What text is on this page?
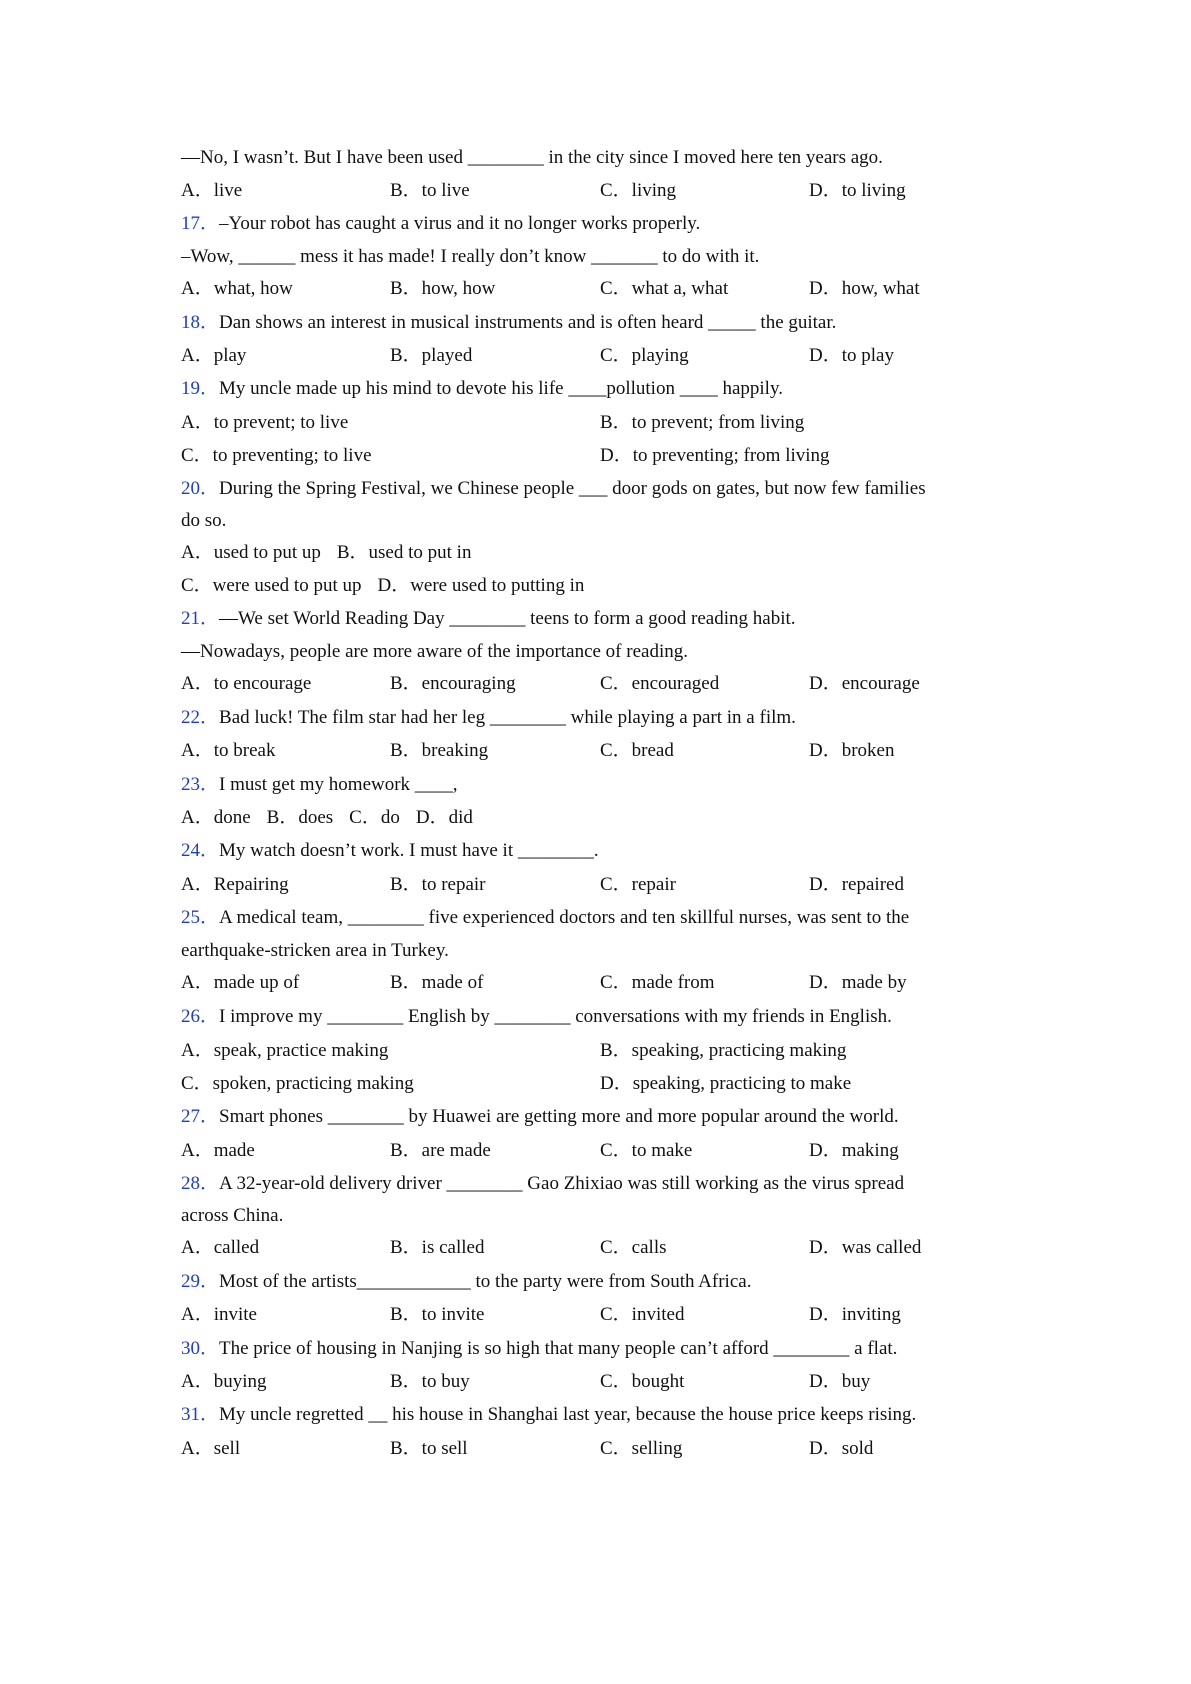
—No, I wasn’t. But I have been used ________ in the city since I moved here ten years ago.
A．live	B．to live	C．living	D．to living
17．–Your robot has caught a virus and it no longer works properly.
–Wow, ______ mess it has made! I really don’t know _______ to do with it.
A．what, how	B．how, how	C．what a, what	D．how, what
18．Dan shows an interest in musical instruments and is often heard _____ the guitar.
A．play	B．played	C．playing	D．to play
19．My uncle made up his mind to devote his life ____pollution ____ happily.
A．to prevent; to live	B．to prevent; from living
C．to preventing; to live	D．to preventing; from living
20．During the Spring Festival, we Chinese people ___ door gods on gates, but now few families
do so.
A．used to put up B．used to put in
C．were used to put up D．were used to putting in
21．—We set World Reading Day ________ teens to form a good reading habit.
—Nowadays, people are more aware of the importance of reading.
A．to encourage	B．encouraging	C．encouraged	D．encourage
22．Bad luck! The film star had her leg ________ while playing a part in a film.
A．to break	B．breaking	C．bread	D．broken
23．I must get my homework ____,
A．done B．does C．do D．did
24．My watch doesn’t work. I must have it ________.
A．Repairing	B．to repair	C．repair	D．repaired
25．A medical team, ________ five experienced doctors and ten skillful nurses, was sent to the
earthquake-stricken area in Turkey.
A．made up of	B．made of	C．made from	D．made by
26．I improve my ________ English by ________ conversations with my friends in English.
A．speak, practice making	B．speaking, practicing making
C．spoken, practicing making	D．speaking, practicing to make
27．Smart phones ________ by Huawei are getting more and more popular around the world.
A．made	B．are made	C．to make	D．making
28．A 32-year-old delivery driver ________ Gao Zhixiao was still working as the virus spread
across China.
A．called	B．is called	C．calls	D．was called
29．Most of the artists____________ to the party were from South Africa.
A．invite	B．to invite	C．invited	D．inviting
30．The price of housing in Nanjing is so high that many people can’t afford ________ a flat.
A．buying	B．to buy	C．bought	D．buy
31．My uncle regretted __ his house in Shanghai last year, because the house price keeps rising.
A．sell	B．to sell	C．selling	D．sold
